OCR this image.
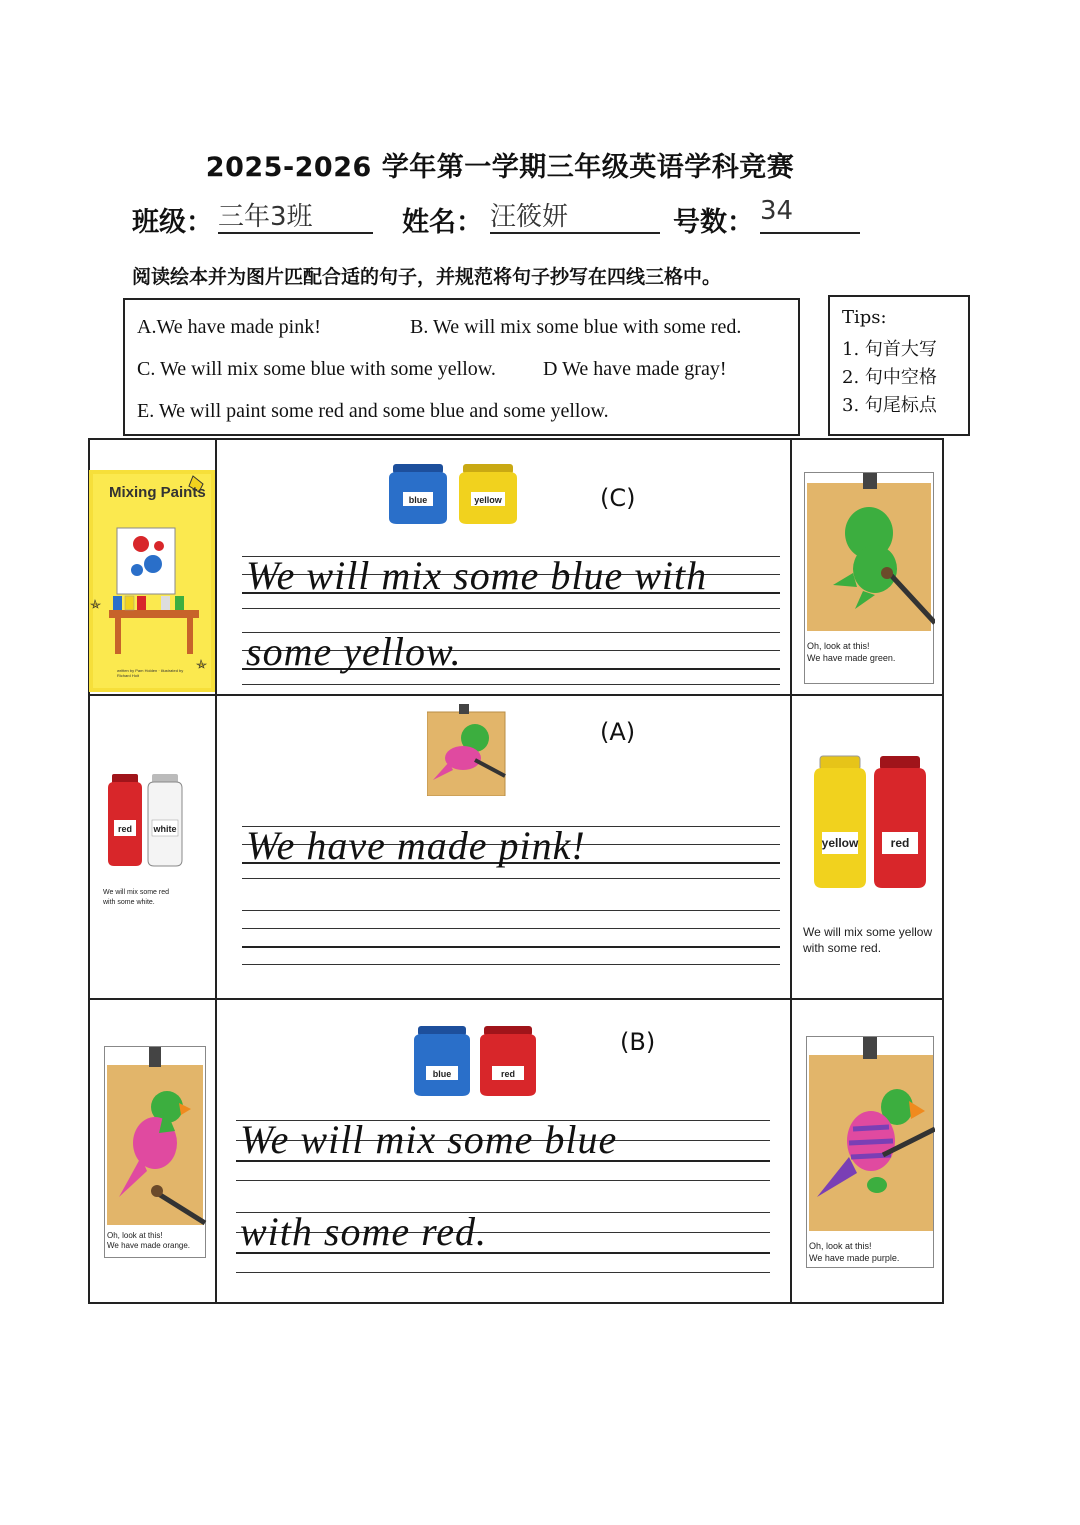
2025-2026 学年第一学期三年级英语学科竞赛
班级： 三年3班	姓名： 汪筱妍	号数： 34
阅读绘本并为图片匹配合适的句子，并规范将句子抄写在四线三格中。
A.We have made pink!	B. We will mix some blue with some red.
C. We will mix some blue with some yellow. D We have made gray!
E. We will paint some red and some blue and some yellow.
Tips:
1. 句首大写
2. 句中空格
3. 句尾标点
Mixing Paints
written by Pam Holden · illustrated by Richard Hoit
blue	yellow	(C)
We will mix some blue with
some yellow.	Oh, look at this!
We have made green.
red white
We will mix some red
with some white.
(A)
We have made pink!	yellow	red
We will mix some yellow
with some red.
Oh, look at this!
We have made orange.
blue	red
(B)
We will mix some blue
with some red.	Oh, look at this!
We have made purple.
